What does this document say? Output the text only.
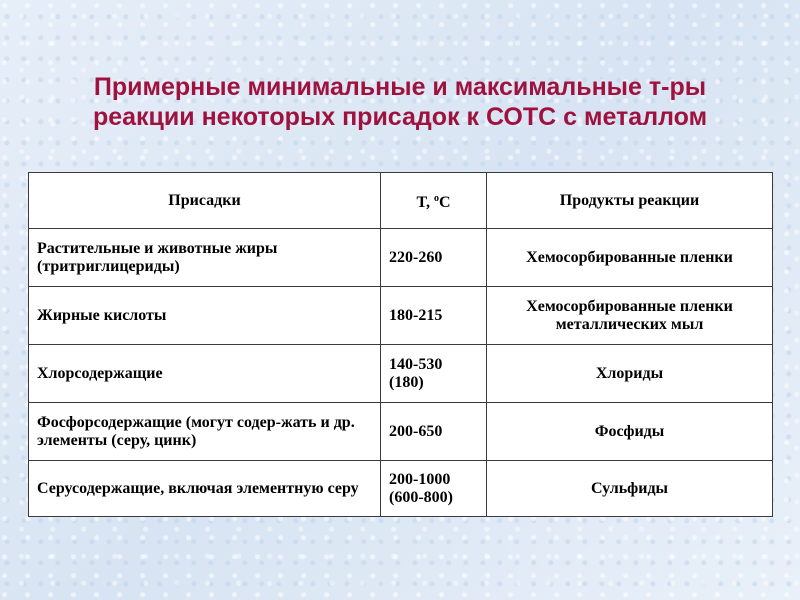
Примерные минимальные и максимальные т-ры
реакции некоторых присадок к СОТС с металлом
Присадки	T, $^o$C	Продукты реакции
Растительные и животные жиры (тритриглицериды)	220-260	Хемосорбированные пленки
Жирные кислоты	180-215	Хемосорбированные пленки металлических мыл
Хлорсодержащие	140-530 (180)	Хлориды
Фосфорсодержащие (могут содер-жать и др. элементы (серу, цинк)	200-650	Фосфиды
Серусодержащие, включая элементную серу	200-1000 (600-800)	Сульфиды
